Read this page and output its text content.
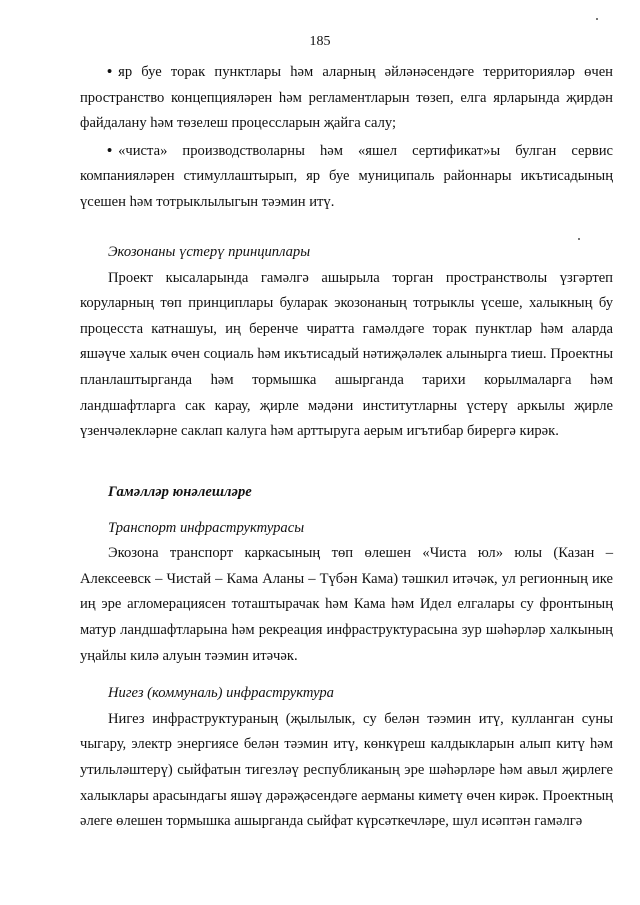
185

• яр буе торак пунктлары һәм аларның әйләнәсендәге территорияләр өчен пространство концепцияләрен һәм регламентларын төзеп, елга ярларында җирдән файдалану һәм төзелеш процессларын җайга салу;

• «чиста» производстволарны һәм «яшел сертификат»ы булган сервис компанияләрен стимуллаштырып, яр буе муниципаль районнары икътисадының үсешен һәм тотрыклылыгын тәэмин итү.

Экозонаны үстерү принциплары

Проект кысаларында гамәлгә ашырыла торган пространстволы үзгәртеп коруларның төп принциплары буларак экозонаның тотрыклы үсеше, халыкның бу процесста катнашуы, иң беренче чиратта гамәлдәге торак пунктлар һәм аларда яшәүче халык өчен социаль һәм икътисадый нәтиҗәләлек алынырга тиеш. Проектны планлаштырганда һәм тормышка ашырганда тарихи корылмаларга һәм ландшафтларга сак карау, җирле мәдәни институтларны үстерү аркылы җирле үзенчәлекләрне саклап калуга һәм арттыруга аерым игътибар бирергә кирәк.

Гамәлләр юнәлешләре

Транспорт инфраструктурасы

Экозона транспорт каркасының төп өлешен «Чиста юл» юлы (Казан – Алексеевск – Чистай – Кама Аланы – Түбән Кама) тәшкил итәчәк, ул регионның ике иң эре агломерациясен тоташтырачак һәм Кама һәм Идел елгалары су фронтының матур ландшафтларына һәм рекреация инфраструктурасына зур шәһәрләр халкының уңайлы килә алуын тәэмин итәчәк.

Нигез (коммуналь) инфраструктура

Нигез инфраструктураның (җылылык, су белән тәэмин итү, кулланган суны чыгару, электр энергиясе белән тәэмин итү, көнкүреш калдыкларын алып китү һәм утильләштерү) сыйфатын тигезләү республиканың эре шәһәрләре һәм авыл җирлеге халыклары арасындагы яшәү дәрәҗәсендәге аерманы киметү өчен кирәк. Проектның әлеге өлешен тормышка ашырганда сыйфат күрсәткечләре, шул исәптән гамәлгә
